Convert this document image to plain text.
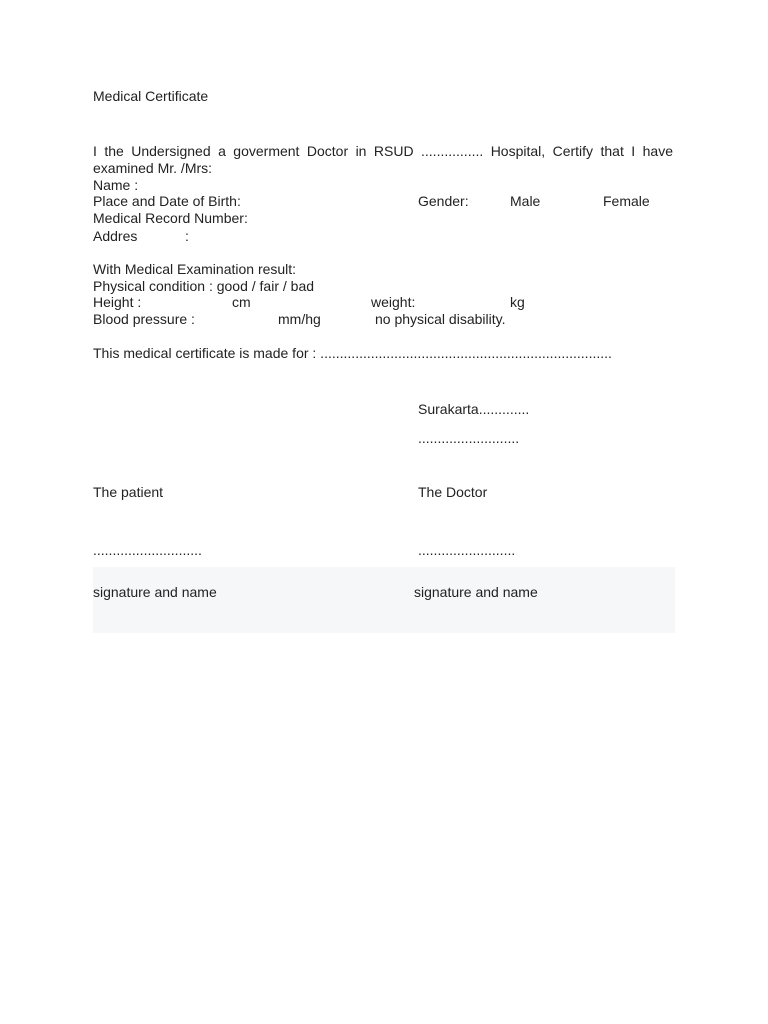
Medical Certificate
I the Undersigned a goverment Doctor in RSUD ................ Hospital, Certify that I have examined Mr. /Mrs:
Name :
Place and Date of Birth:	Gender:	Male	Female
Medical Record Number:
Addres	:
With Medical Examination result:
Physical condition : good / fair / bad
Height :	cm	weight:	kg
Blood pressure :	mm/hg	no physical disability.
This medical certificate is made for : ...........................................................................
Surakarta.............
..........................
The patient	The Doctor
............................	.........................
signature and name	signature and name
